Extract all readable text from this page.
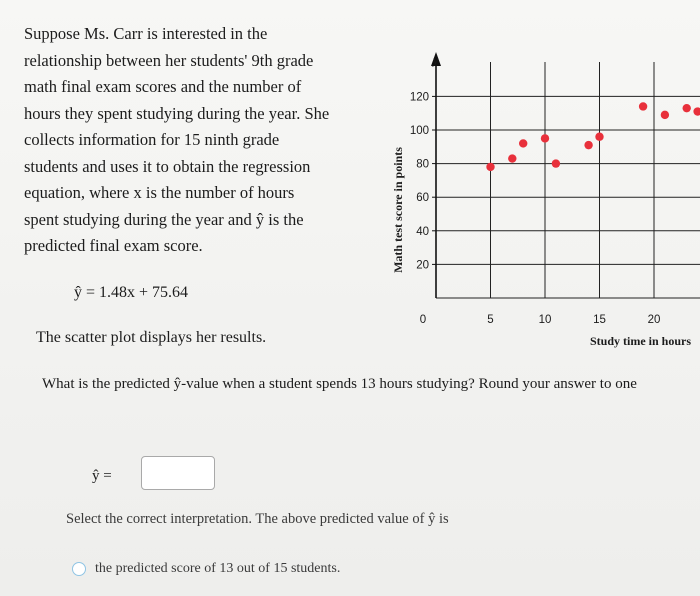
Suppose Ms. Carr is interested in the
relationship between her students' 9th grade
math final exam scores and the number of
hours they spent studying during the year. She
collects information for 15 ninth grade
students and uses it to obtain the regression
equation, where x is the number of hours
spent studying during the year and ŷ is the
predicted final exam score.

ŷ = 1.48x + 75.64
20
40
60
80
100
120
0	5	10	15	20
y
Math test score in points
Study time in hours
The scatter plot displays her results.
What is the predicted ŷ-value when a student spends 13 hours studying? Round your answer to one
ŷ =
Select the correct interpretation. The above predicted value of ŷ is
the predicted score of 13 out of 15 students.
